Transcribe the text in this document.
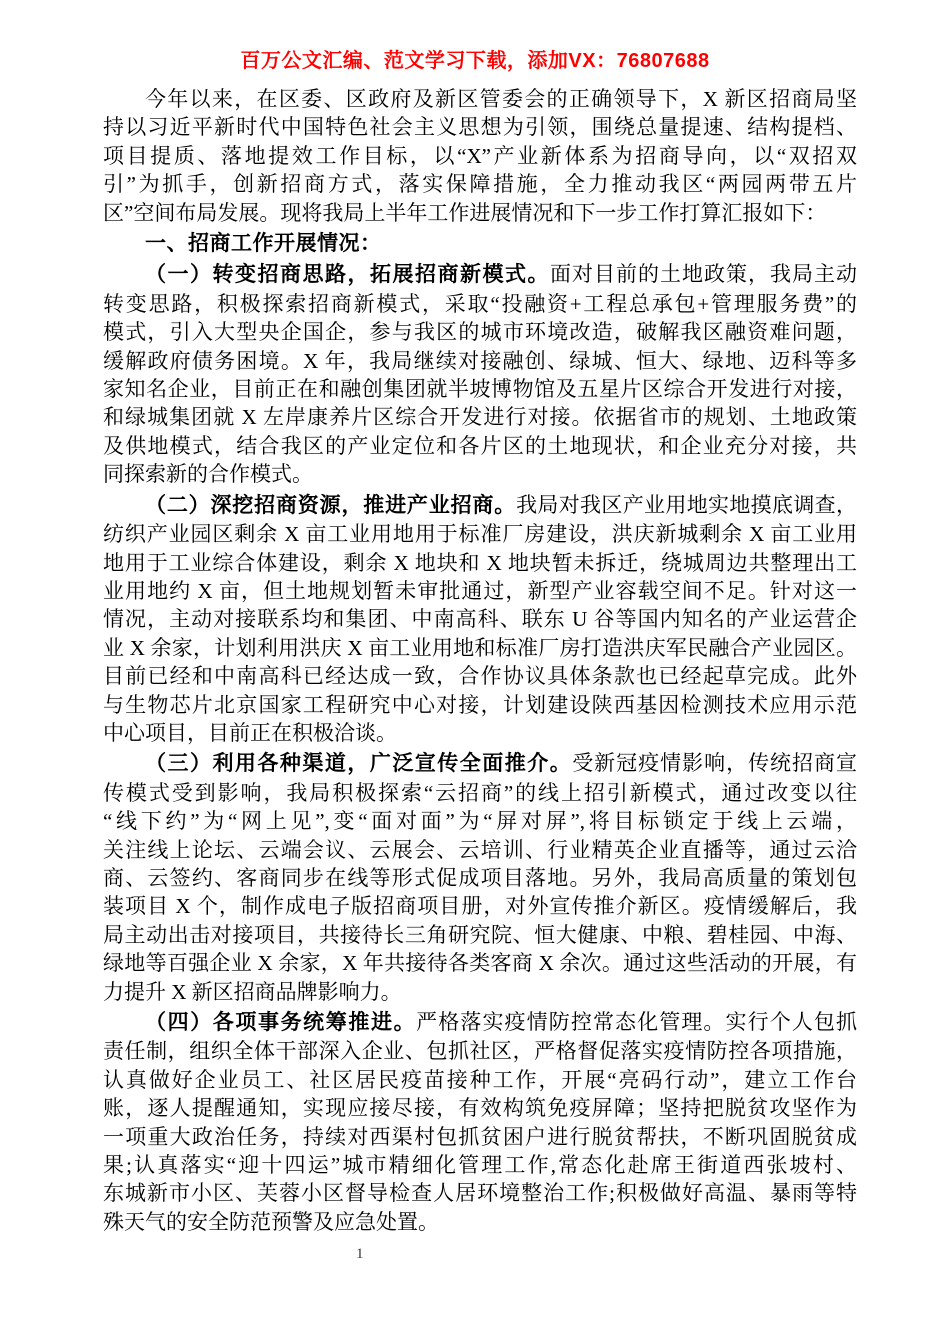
百万公文汇编、范文学习下载，添加VX：76807688
今年以来，在区委、区政府及新区管委会的正确领导下，X 新区招商局坚
持以习近平新时代中国特色社会主义思想为引领，围绕总量提速、结构提档、
项目提质、落地提效工作目标，以“X”产业新体系为招商导向，以“双招双
引”为抓手，创新招商方式，落实保障措施，全力推动我区“两园两带五片
区”空间布局发展。现将我局上半年工作进展情况和下一步工作打算汇报如下：
一、招商工作开展情况：
（一）转变招商思路，拓展招商新模式。面对目前的土地政策，我局主动
转变思路，积极探索招商新模式，采取“投融资+工程总承包+管理服务费”的
模式，引入大型央企国企，参与我区的城市环境改造，破解我区融资难问题，
缓解政府债务困境。X 年，我局继续对接融创、绿城、恒大、绿地、迈科等多
家知名企业，目前正在和融创集团就半坡博物馆及五星片区综合开发进行对接，
和绿城集团就 X 左岸康养片区综合开发进行对接。依据省市的规划、土地政策
及供地模式，结合我区的产业定位和各片区的土地现状，和企业充分对接，共
同探索新的合作模式。
（二）深挖招商资源，推进产业招商。我局对我区产业用地实地摸底调查，
纺织产业园区剩余 X 亩工业用地用于标准厂房建设，洪庆新城剩余 X 亩工业用
地用于工业综合体建设，剩余 X 地块和 X 地块暂未拆迁，绕城周边共整理出工
业用地约 X 亩，但土地规划暂未审批通过，新型产业容载空间不足。针对这一
情况，主动对接联系均和集团、中南高科、联东 U 谷等国内知名的产业运营企
业 X 余家，计划利用洪庆 X 亩工业用地和标准厂房打造洪庆军民融合产业园区。
目前已经和中南高科已经达成一致，合作协议具体条款也已经起草完成。此外
与生物芯片北京国家工程研究中心对接，计划建设陕西基因检测技术应用示范
中心项目，目前正在积极洽谈。
（三）利用各种渠道，广泛宣传全面推介。受新冠疫情影响，传统招商宣
传模式受到影响，我局积极探索“云招商”的线上招引新模式，通过改变以往
“线下约”为“网上见”,变“面对面”为“屏对屏”,将目标锁定于线上云端，
关注线上论坛、云端会议、云展会、云培训、行业精英企业直播等，通过云洽
商、云签约、客商同步在线等形式促成项目落地。另外，我局高质量的策划包
装项目 X 个，制作成电子版招商项目册，对外宣传推介新区。疫情缓解后，我
局主动出击对接项目，共接待长三角研究院、恒大健康、中粮、碧桂园、中海、
绿地等百强企业 X 余家，X 年共接待各类客商 X 余次。通过这些活动的开展，有
力提升 X 新区招商品牌影响力。
（四）各项事务统筹推进。严格落实疫情防控常态化管理。实行个人包抓
责任制，组织全体干部深入企业、包抓社区，严格督促落实疫情防控各项措施，
认真做好企业员工、社区居民疫苗接种工作，开展“亮码行动”，建立工作台
账，逐人提醒通知，实现应接尽接，有效构筑免疫屏障；坚持把脱贫攻坚作为
一项重大政治任务，持续对西渠村包抓贫困户进行脱贫帮扶，不断巩固脱贫成
果;认真落实“迎十四运”城市精细化管理工作,常态化赴席王街道西张坡村、
东城新市小区、芙蓉小区督导检查人居环境整治工作;积极做好高温、暴雨等特
殊天气的安全防范预警及应急处置。
1
